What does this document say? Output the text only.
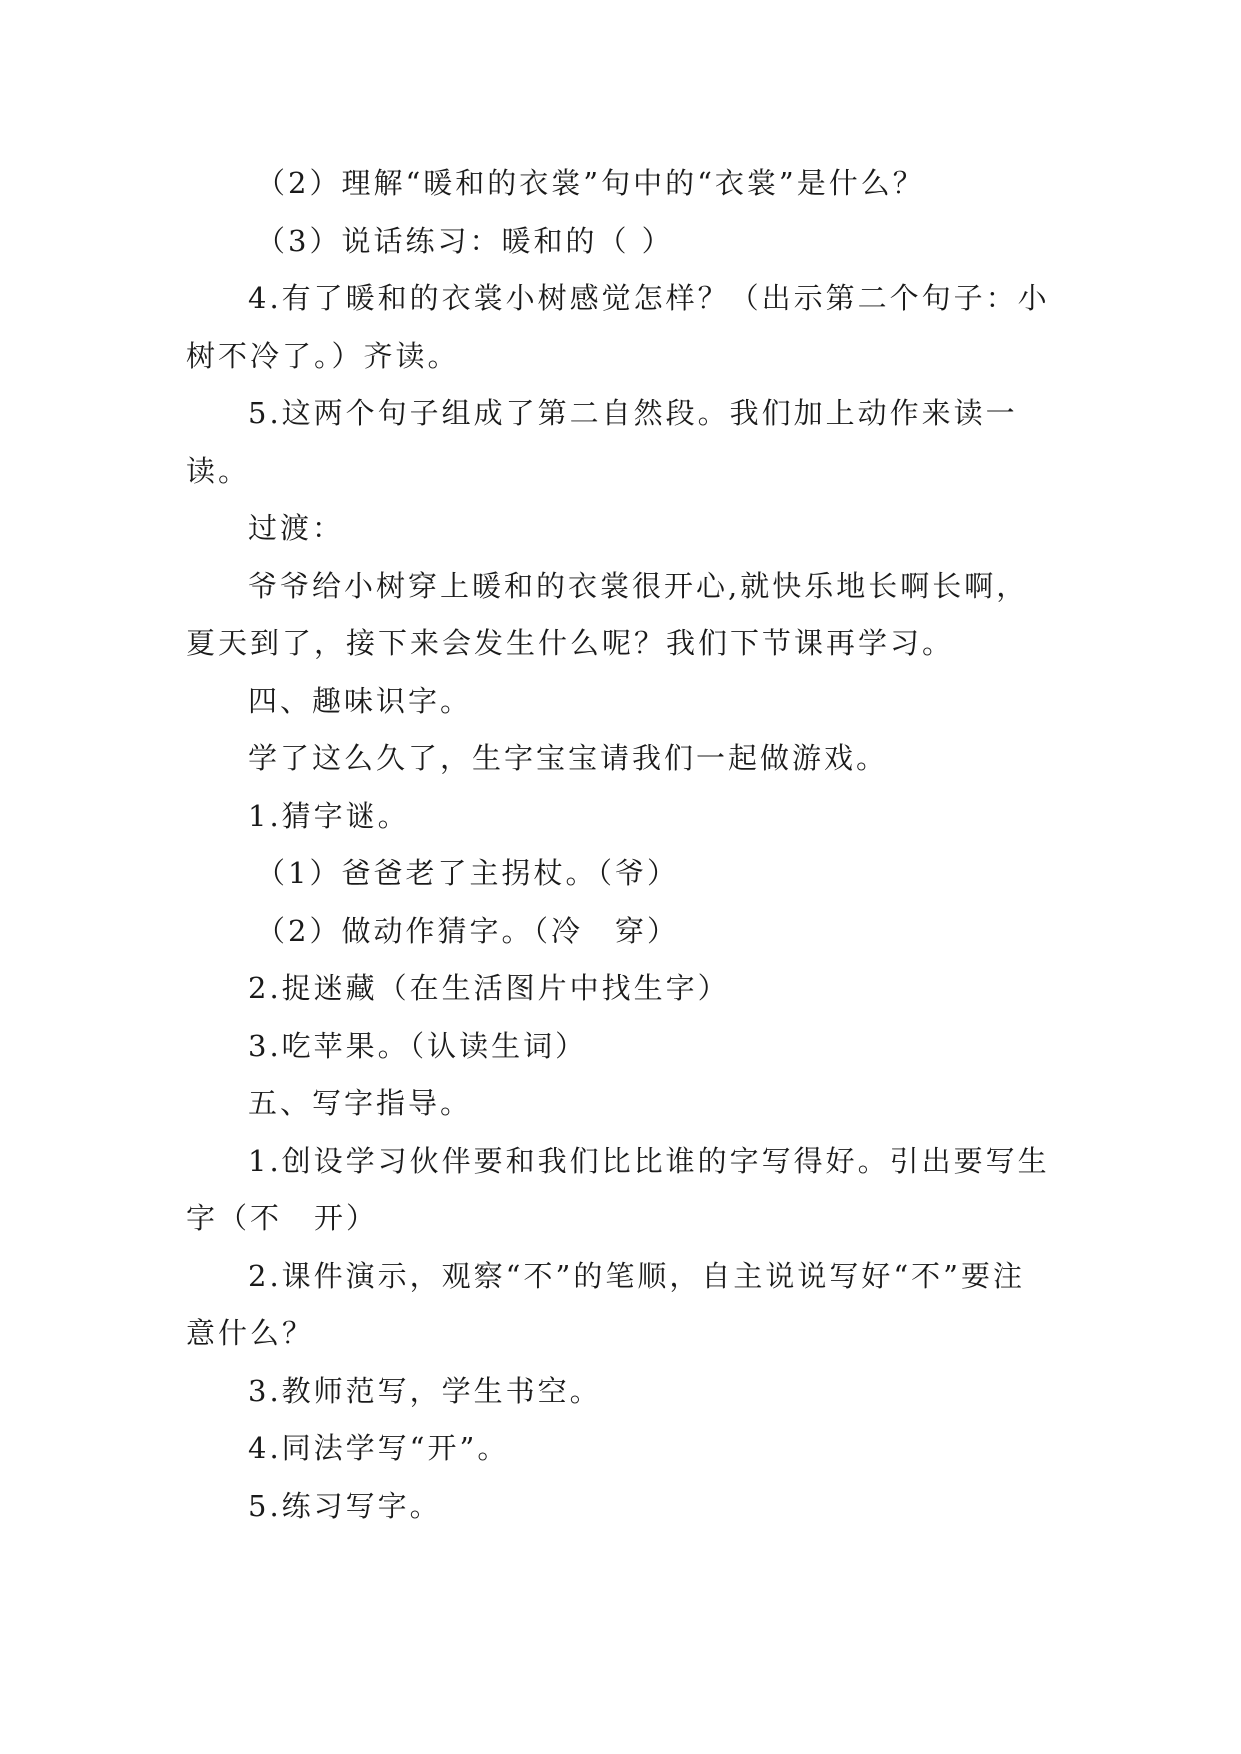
（2）理解“暖和的衣裳”句中的“衣裳”是什么？

（3）说话练习：暖和的（ ）

4.有了暖和的衣裳小树感觉怎样？（出示第二个句子：小树不冷了。）齐读。

5.这两个句子组成了第二自然段。我们加上动作来读一读。

过渡：

爷爷给小树穿上暖和的衣裳很开心,就快乐地长啊长啊，夏天到了，接下来会发生什么呢？我们下节课再学习。

四、趣味识字。

学了这么久了，生字宝宝请我们一起做游戏。

1.猜字谜。

（1）爸爸老了主拐杖。（爷）

（2）做动作猜字。（冷　穿）

2.捉迷藏（在生活图片中找生字）

3.吃苹果。（认读生词）

五、写字指导。

1.创设学习伙伴要和我们比比谁的字写得好。引出要写生字（不　开）

2.课件演示，观察“不”的笔顺，自主说说写好“不”要注意什么？

3.教师范写，学生书空。

4.同法学写“开”。

5.练习写字。
